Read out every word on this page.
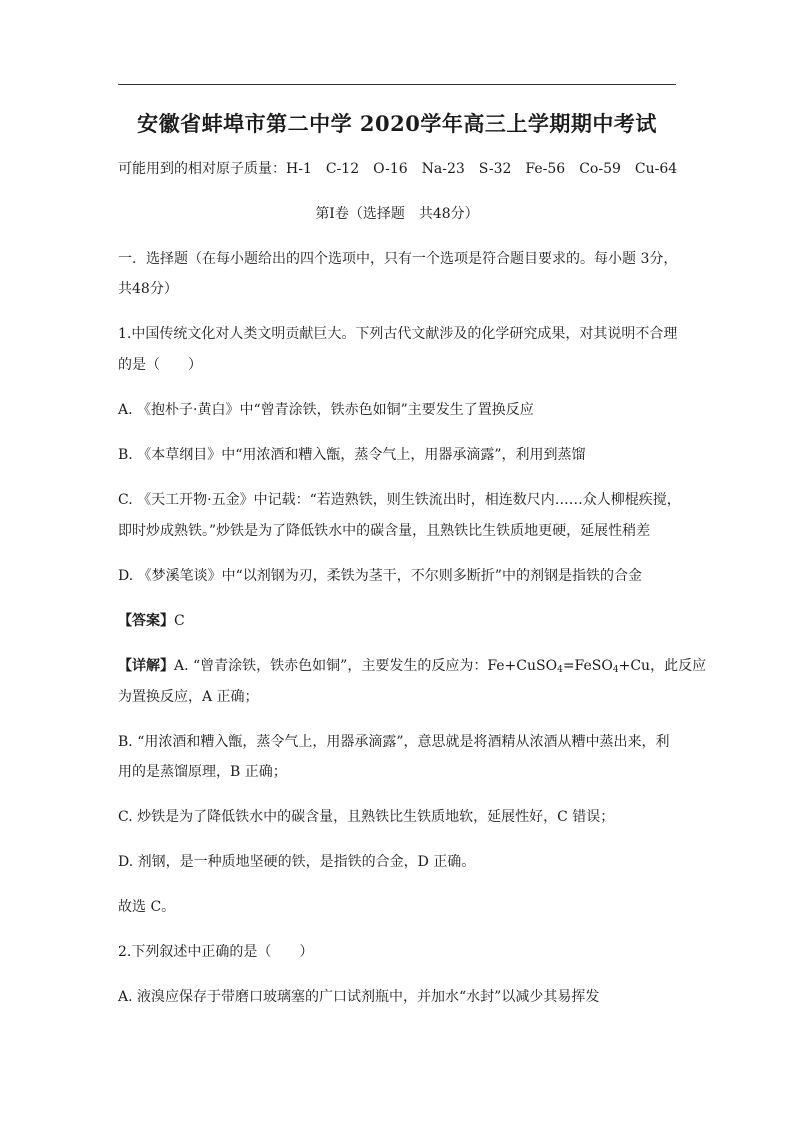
安徽省蚌埠市第二中学 2020学年高三上学期期中考试
可能用到的相对原子质量：H-1　C-12　O-16　Na-23　S-32　Fe-56　Co-59　Cu-64
第Ⅰ卷（选择题　共48分）
一．选择题（在每小题给出的四个选项中，只有一个选项是符合题目要求的。每小题 3分，
共48分）
1.中国传统文化对人类文明贡献巨大。下列古代文献涉及的化学研究成果，对其说明不合理
的是（　　）
A. 《抱朴子·黄白》中“曾青涂铁，铁赤色如铜”主要发生了置换反应
B. 《本草纲目》中“用浓酒和糟入甑，蒸令气上，用器承滴露”，利用到蒸馏
C. 《天工开物·五金》中记载：“若造熟铁，则生铁流出时，相连数尺内……众人柳棍疾搅，
即时炒成熟铁。”炒铁是为了降低铁水中的碳含量，且熟铁比生铁质地更硬，延展性稍差
D. 《梦溪笔谈》中“以剂钢为刃，柔铁为茎干，不尔则多断折”中的剂钢是指铁的合金
【答案】C
【详解】A. “曾青涂铁，铁赤色如铜”，主要发生的反应为：Fe+CuSO$_4$=FeSO$_4$+Cu，此反应
为置换反应，A 正确；
B. “用浓酒和糟入甑，蒸令气上，用器承滴露”，意思就是将酒精从浓酒从糟中蒸出来，利
用的是蒸馏原理，B 正确；
C. 炒铁是为了降低铁水中的碳含量，且熟铁比生铁质地软，延展性好，C 错误；
D. 剂钢，是一种质地坚硬的铁，是指铁的合金，D 正确。
故选 C。
2.下列叙述中正确的是（　　）
A. 液溴应保存于带磨口玻璃塞的广口试剂瓶中，并加水“水封”以减少其易挥发
